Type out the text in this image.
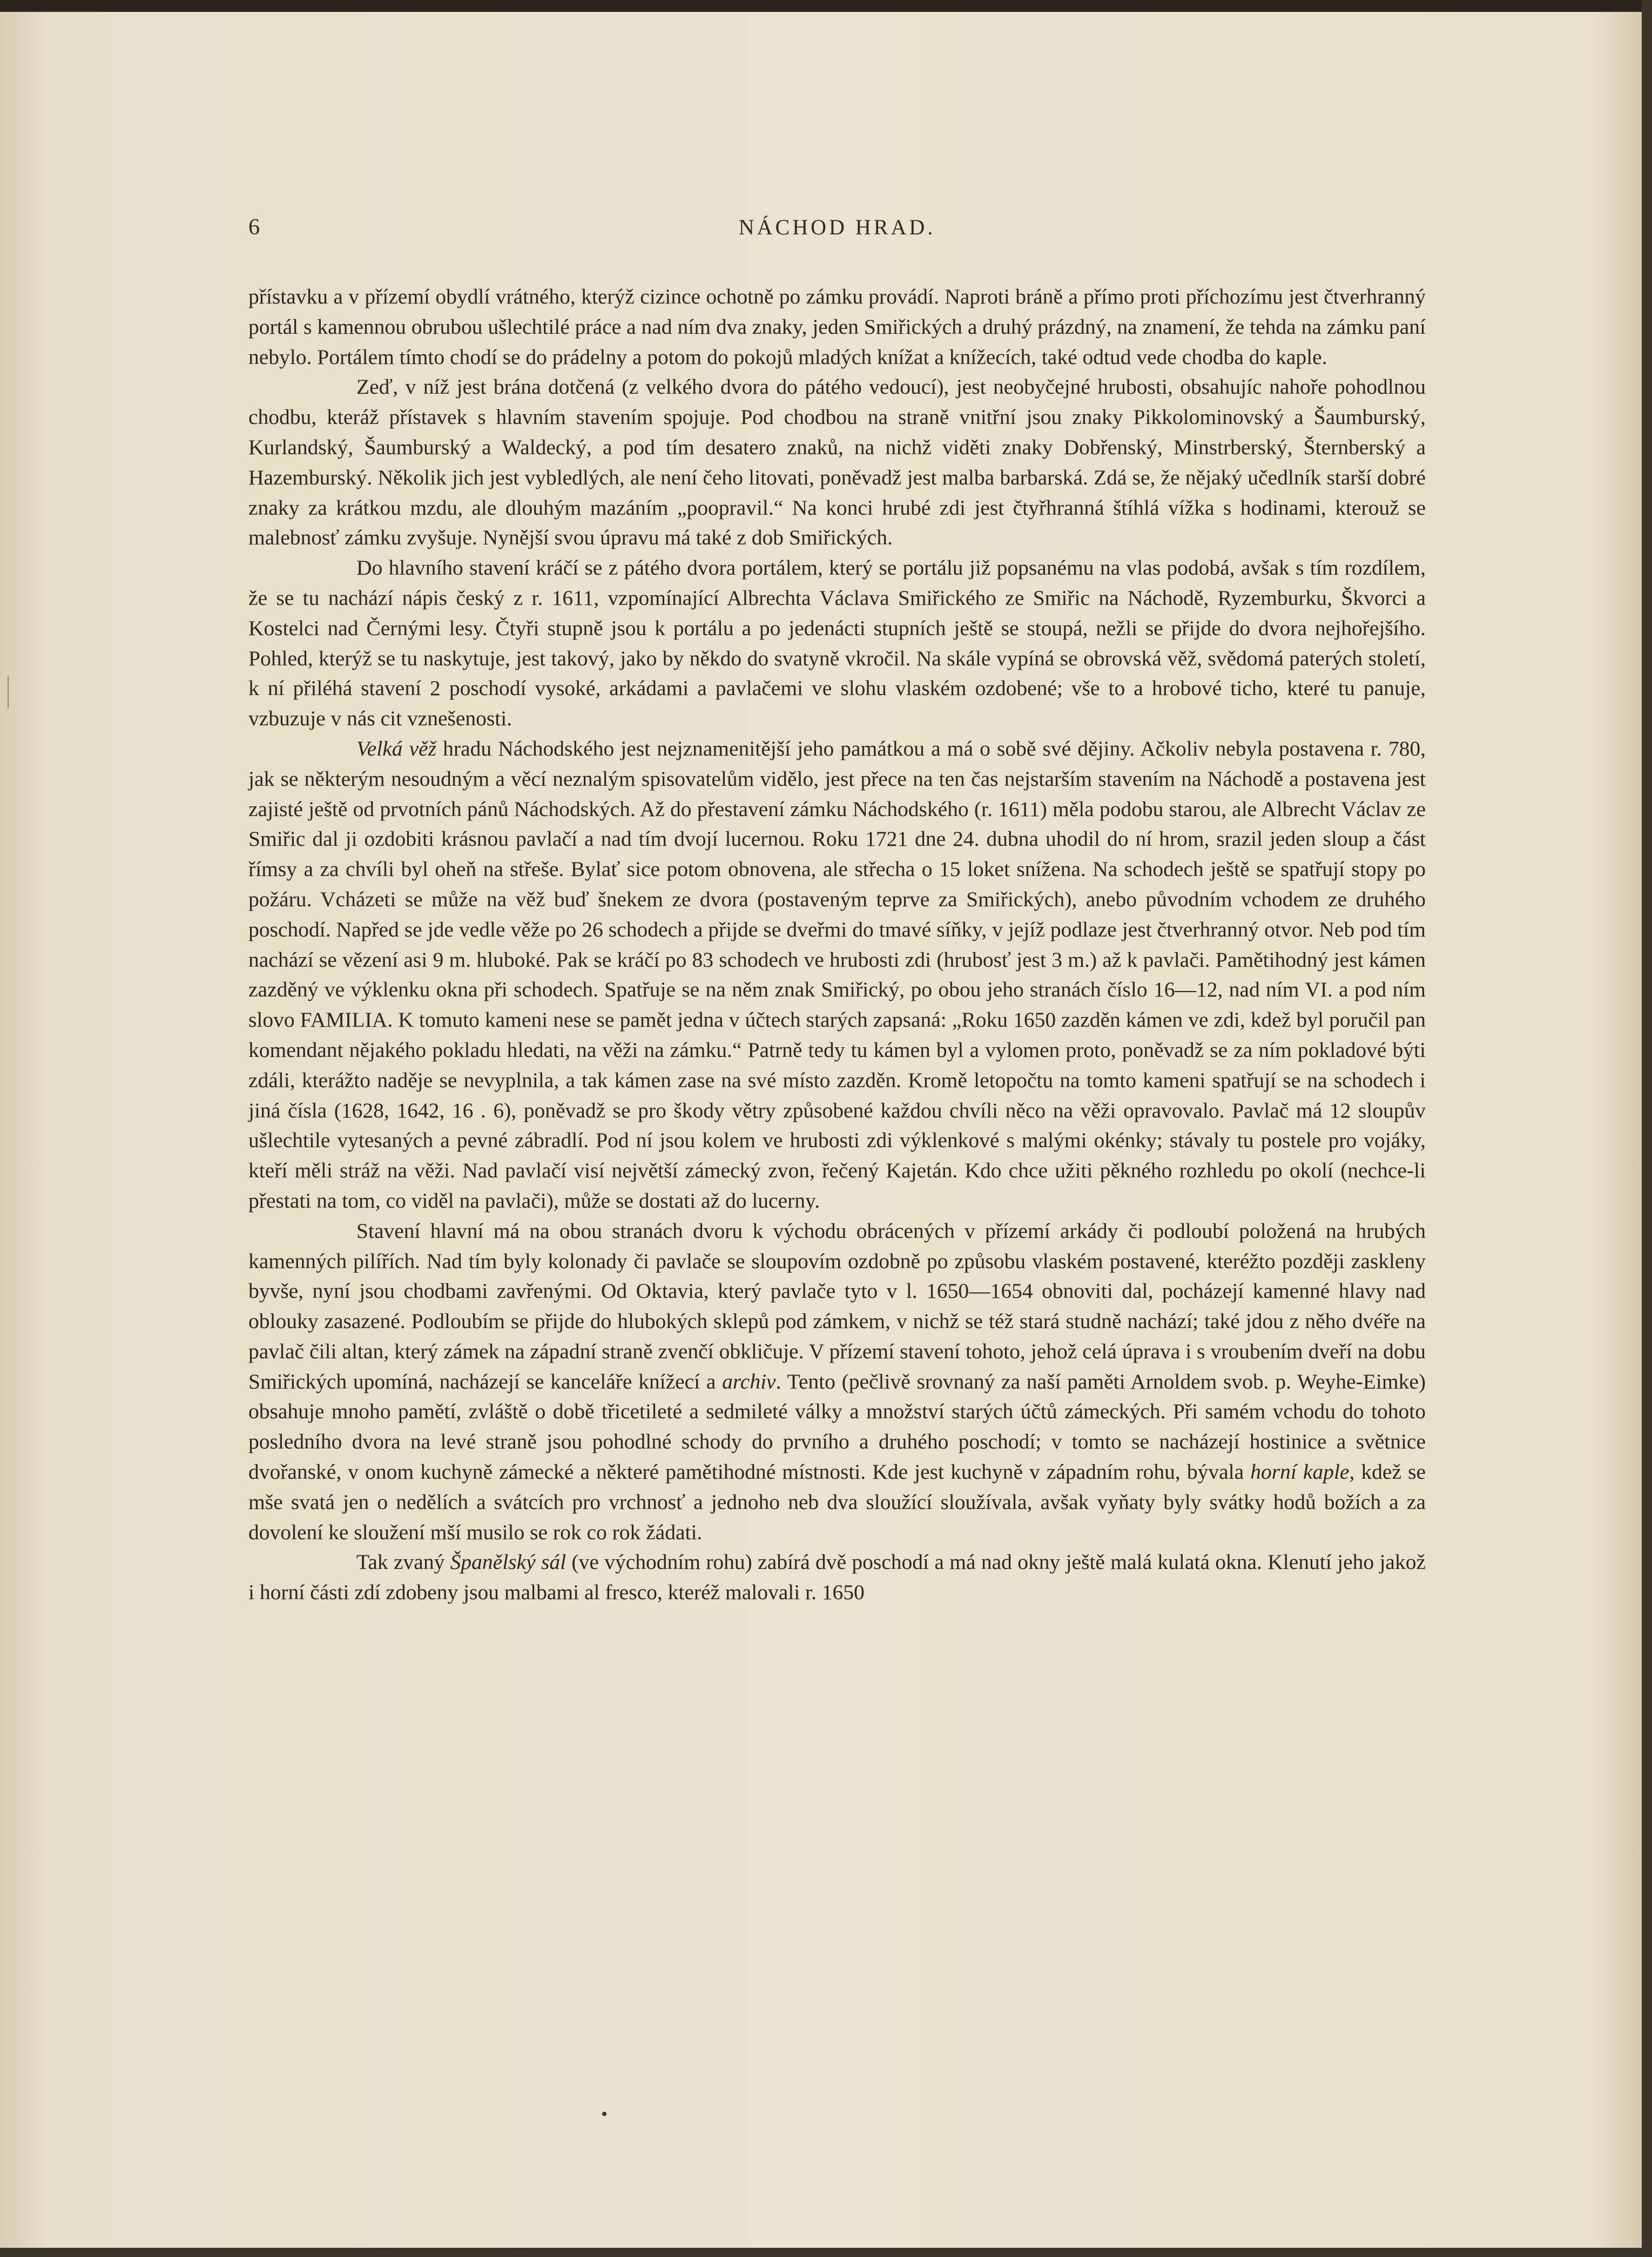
6	NÁCHOD HRAD.

přístavku a v přízemí obydlí vrátného, kterýž cizince ochotně po zámku provádí. Naproti bráně a přímo proti příchozímu jest čtverhranný portál s kamennou obrubou ušlechtilé práce a nad ním dva znaky, jeden Smiřických a druhý prázdný, na znamení, že tehda na zámku paní nebylo. Portálem tímto chodí se do prádelny a potom do pokojů mladých knížat a knížecích, také odtud vede chodba do kaple.

Zeď, v níž jest brána dotčená (z velkého dvora do pátého vedoucí), jest neobyčejné hrubosti, obsahujíc nahoře pohodlnou chodbu, kteráž přístavek s hlavním stavením spojuje. Pod chodbou na straně vnitřní jsou znaky Pikkolominovský a Šaumburský, Kurlandský, Šaumburský a Waldecký, a pod tím desatero znaků, na nichž viděti znaky Dobřenský, Minstrberský, Šternberský a Hazemburský. Několik jich jest vybledlých, ale není čeho litovati, poněvadž jest malba barbarská. Zdá se, že nějaký učedlník starší dobré znaky za krátkou mzdu, ale dlouhým mazáním „poopravil.“ Na konci hrubé zdi jest čtyřhranná štíhlá vížka s hodinami, kterouž se malebnosť zámku zvyšuje. Nynější svou úpravu má také z dob Smiřických.

Do hlavního stavení kráčí se z pátého dvora portálem, který se portálu již popsanému na vlas podobá, avšak s tím rozdílem, že se tu nachází nápis český z r. 1611, vzpomínající Albrechta Václava Smiřického ze Smiřic na Náchodě, Ryzemburku, Škvorci a Kostelci nad Černými lesy. Čtyři stupně jsou k portálu a po jedenácti stupních ještě se stoupá, nežli se přijde do dvora nejhořejšího. Pohled, kterýž se tu naskytuje, jest takový, jako by někdo do svatyně vkročil. Na skále vypíná se obrovská věž, svědomá paterých století, k ní přiléhá stavení 2 poschodí vysoké, arkádami a pavlačemi ve slohu vlaském ozdobené; vše to a hrobové ticho, které tu panuje, vzbuzuje v nás cit vznešenosti.

Velká věž hradu Náchodského jest nejznamenitější jeho památkou a má o sobě své dějiny. Ačkoliv nebyla postavena r. 780, jak se některým nesoudným a věcí neznalým spisovatelům vidělo, jest přece na ten čas nejstarším stavením na Náchodě a postavena jest zajisté ještě od prvotních pánů Náchodských. Až do přestavení zámku Náchodského (r. 1611) měla podobu starou, ale Albrecht Václav ze Smiřic dal ji ozdobiti krásnou pavlačí a nad tím dvojí lucernou. Roku 1721 dne 24. dubna uhodil do ní hrom, srazil jeden sloup a část římsy a za chvíli byl oheň na střeše. Bylať sice potom obnovena, ale střecha o 15 loket snížena. Na schodech ještě se spatřují stopy po požáru. Vcházeti se může na věž buď šnekem ze dvora (postaveným teprve za Smiřických), anebo původním vchodem ze druhého poschodí. Napřed se jde vedle věže po 26 schodech a přijde se dveřmi do tmavé síňky, v jejíž podlaze jest čtverhranný otvor. Neb pod tím nachází se vězení asi 9 m. hluboké. Pak se kráčí po 83 schodech ve hrubosti zdi (hrubosť jest 3 m.) až k pavlači. Pamětihodný jest kámen zazděný ve výklenku okna při schodech. Spatřuje se na něm znak Smiřický, po obou jeho stranách číslo 16—12, nad ním VI. a pod ním slovo FAMILIA. K tomuto kameni nese se pamět jedna v účtech starých zapsaná: „Roku 1650 zazděn kámen ve zdi, kdež byl poručil pan komendant nějakého pokladu hledati, na věži na zámku.“ Patrně tedy tu kámen byl a vylomen proto, poněvadž se za ním pokladové býti zdáli, kterážto naděje se nevyplnila, a tak kámen zase na své místo zazděn. Kromě letopočtu na tomto kameni spatřují se na schodech i jiná čísla (1628, 1642, 16 . 6), poněvadž se pro škody větry způsobené každou chvíli něco na věži opravovalo. Pavlač má 12 sloupův ušlechtile vytesaných a pevné zábradlí. Pod ní jsou kolem ve hrubosti zdi výklenkové s malými okénky; stávaly tu postele pro vojáky, kteří měli stráž na věži. Nad pavlačí visí největší zámecký zvon, řečený Kajetán. Kdo chce užiti pěkného rozhledu po okolí (nechce-li přestati na tom, co viděl na pavlači), může se dostati až do lucerny.

Stavení hlavní má na obou stranách dvoru k východu obrácených v přízemí arkády či podloubí položená na hrubých kamenných pilířích. Nad tím byly kolonady či pavlače se sloupovím ozdobně po způsobu vlaském postavené, kteréžto později zaskleny byvše, nyní jsou chodbami zavřenými. Od Oktavia, který pavlače tyto v l. 1650—1654 obnoviti dal, pocházejí kamenné hlavy nad oblouky zasazené. Podloubím se přijde do hlubokých sklepů pod zámkem, v nichž se též stará studně nachází; také jdou z něho dvéře na pavlač čili altan, který zámek na západní straně zvenčí obkličuje. V přízemí stavení tohoto, jehož celá úprava i s vroubením dveří na dobu Smiřických upomíná, nacházejí se kanceláře knížecí a archiv. Tento (pečlivě srovnaný za naší paměti Arnoldem svob. p. Weyhe-Eimke) obsahuje mnoho pamětí, zvláště o době třicetileté a sedmileté války a množství starých účtů zámeckých. Při samém vchodu do tohoto posledního dvora na levé straně jsou pohodlné schody do prvního a druhého poschodí; v tomto se nacházejí hostinice a světnice dvořanské, v onom kuchyně zámecké a některé pamětihodné místnosti. Kde jest kuchyně v západním rohu, bývala horní kaple, kdež se mše svatá jen o nedělích a svátcích pro vrchnosť a jednoho neb dva sloužící sloužívala, avšak vyňaty byly svátky hodů božích a za dovolení ke sloužení mší musilo se rok co rok žádati.

Tak zvaný Španělský sál (ve východním rohu) zabírá dvě poschodí a má nad okny ještě malá kulatá okna. Klenutí jeho jakož i horní části zdí zdobeny jsou malbami al fresco, kteréž malovali r. 1650
